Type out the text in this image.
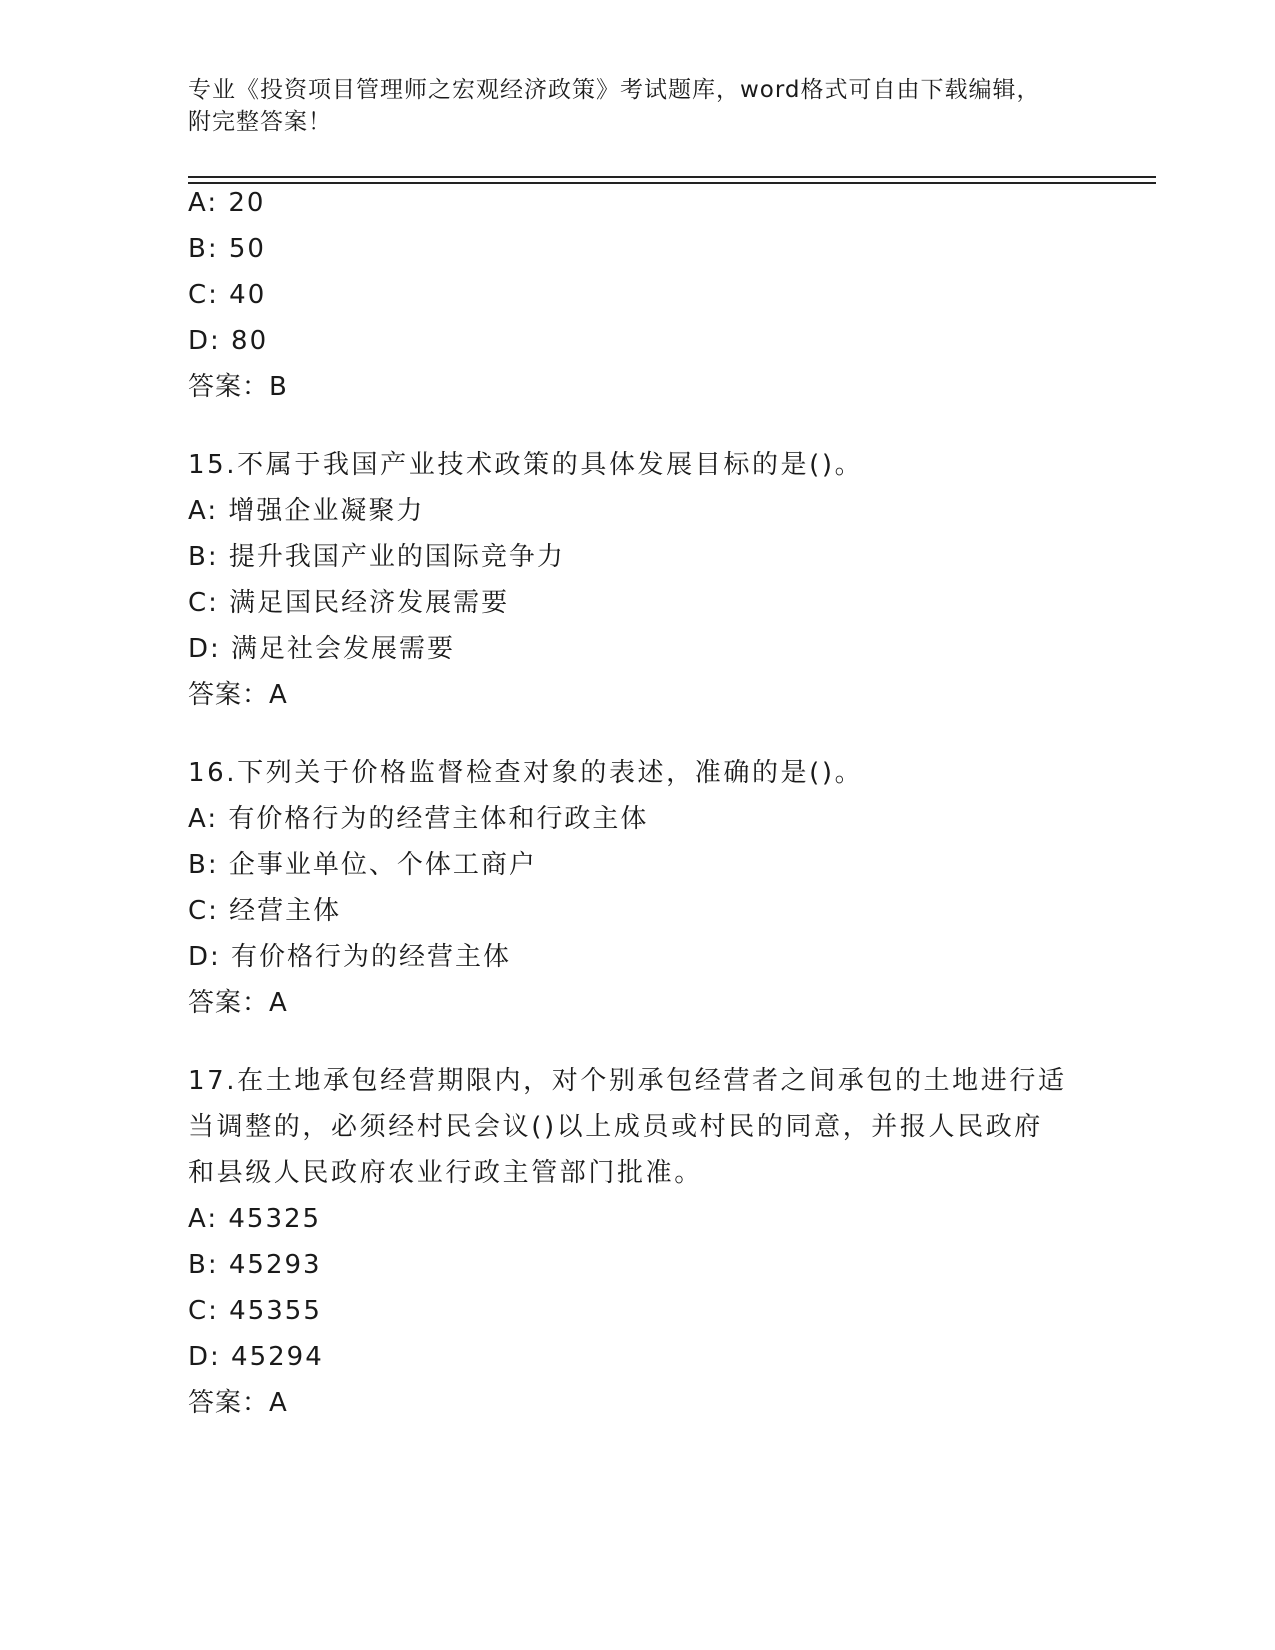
专业《投资项目管理师之宏观经济政策》考试题库，word格式可自由下载编辑，
附完整答案！
A: 20
B: 50
C: 40
D: 80
答案：B
15.不属于我国产业技术政策的具体发展目标的是()。
A: 增强企业凝聚力
B: 提升我国产业的国际竞争力
C: 满足国民经济发展需要
D: 满足社会发展需要
答案：A
16.下列关于价格监督检查对象的表述，准确的是()。
A: 有价格行为的经营主体和行政主体
B: 企事业单位、个体工商户
C: 经营主体
D: 有价格行为的经营主体
答案：A
17.在土地承包经营期限内，对个别承包经营者之间承包的土地进行适
当调整的，必须经村民会议()以上成员或村民的同意，并报人民政府
和县级人民政府农业行政主管部门批准。
A: 45325
B: 45293
C: 45355
D: 45294
答案：A
